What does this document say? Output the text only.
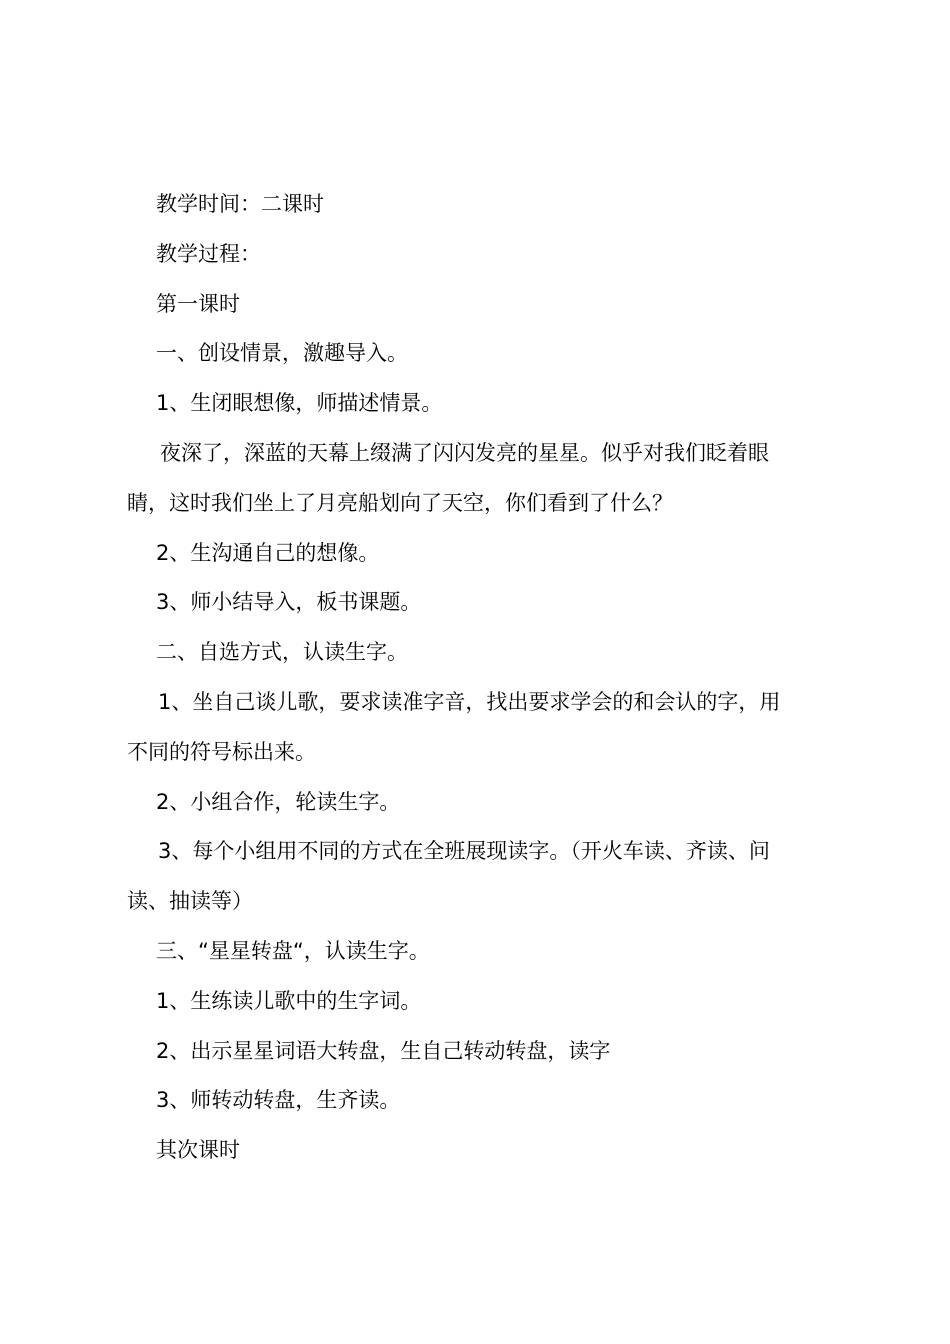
教学时间：二课时
教学过程：
第一课时
一、创设情景，激趣导入。
1、生闭眼想像，师描述情景。
夜深了，深蓝的天幕上缀满了闪闪发亮的星星。似乎对我们眨着眼
睛，这时我们坐上了月亮船划向了天空，你们看到了什么？
2、生沟通自己的想像。
3、师小结导入，板书课题。
二、自选方式，认读生字。
1、坐自己谈儿歌，要求读准字音，找出要求学会的和会认的字，用
不同的符号标出来。
2、小组合作，轮读生字。
3、每个小组用不同的方式在全班展现读字。（开火车读、齐读、问
读、抽读等）
三、“星星转盘“，认读生字。
1、生练读儿歌中的生字词。
2、出示星星词语大转盘，生自己转动转盘，读字
3、师转动转盘，生齐读。
其次课时
